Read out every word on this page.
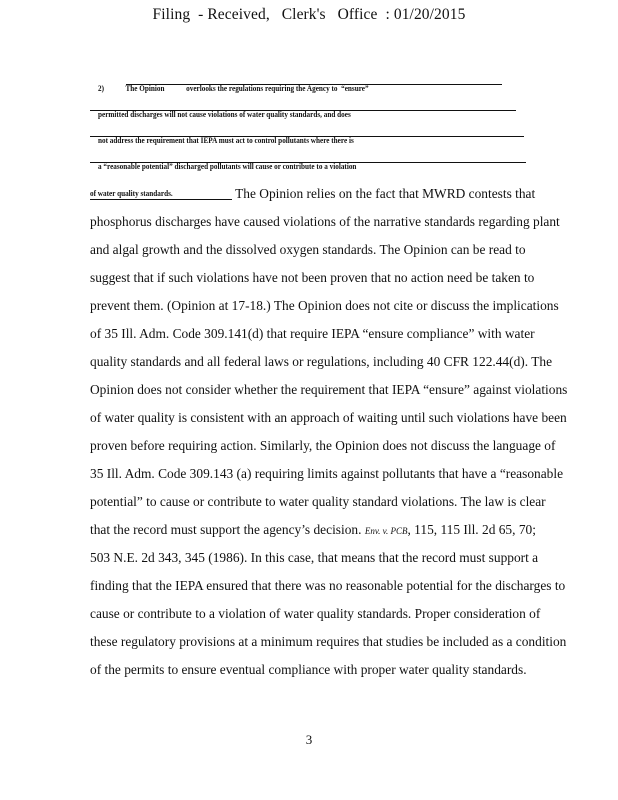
Filing  - Received,   Clerk's   Office  : 01/20/2015

2)            The Opinion            overlooks the regulations requiring the Agency to  “ensure”

permitted discharges will not cause violations of water quality standards, and does

not address the requirement that IEPA must act to control pollutants where there is

a “reasonable potential” discharged pollutants will cause or contribute to a violation

of water quality standards.	The Opinion relies on the fact that MWRD contests that
phosphorus discharges have caused violations of the narrative standards regarding plant
and algal growth and the dissolved oxygen standards. The Opinion can be read to
suggest that if such violations have not been proven that no action need be taken to
prevent them. (Opinion at 17-18.) The Opinion does not cite or discuss the implications
of 35 Ill. Adm. Code 309.141(d) that require IEPA “ensure compliance” with water
quality standards and all federal laws or regulations, including 40 CFR 122.44(d). The
Opinion does not consider whether the requirement that IEPA “ensure” against violations
of water quality is consistent with an approach of waiting until such violations have been
proven before requiring action. Similarly, the Opinion does not discuss the language of
35 Ill. Adm. Code 309.143 (a) requiring limits against pollutants that have a “reasonable
potential” to cause or contribute to water quality standard violations. The law is clear
that the record must support the agency’s decision. Env. v. PCB, 115, 115 Ill. 2d 65, 70;
503 N.E. 2d 343, 345 (1986). In this case, that means that the record must support a
finding that the IEPA ensured that there was no reasonable potential for the discharges to
cause or contribute to a violation of water quality standards. Proper consideration of
these regulatory provisions at a minimum requires that studies be included as a condition
of the permits to ensure eventual compliance with proper water quality standards.
3
